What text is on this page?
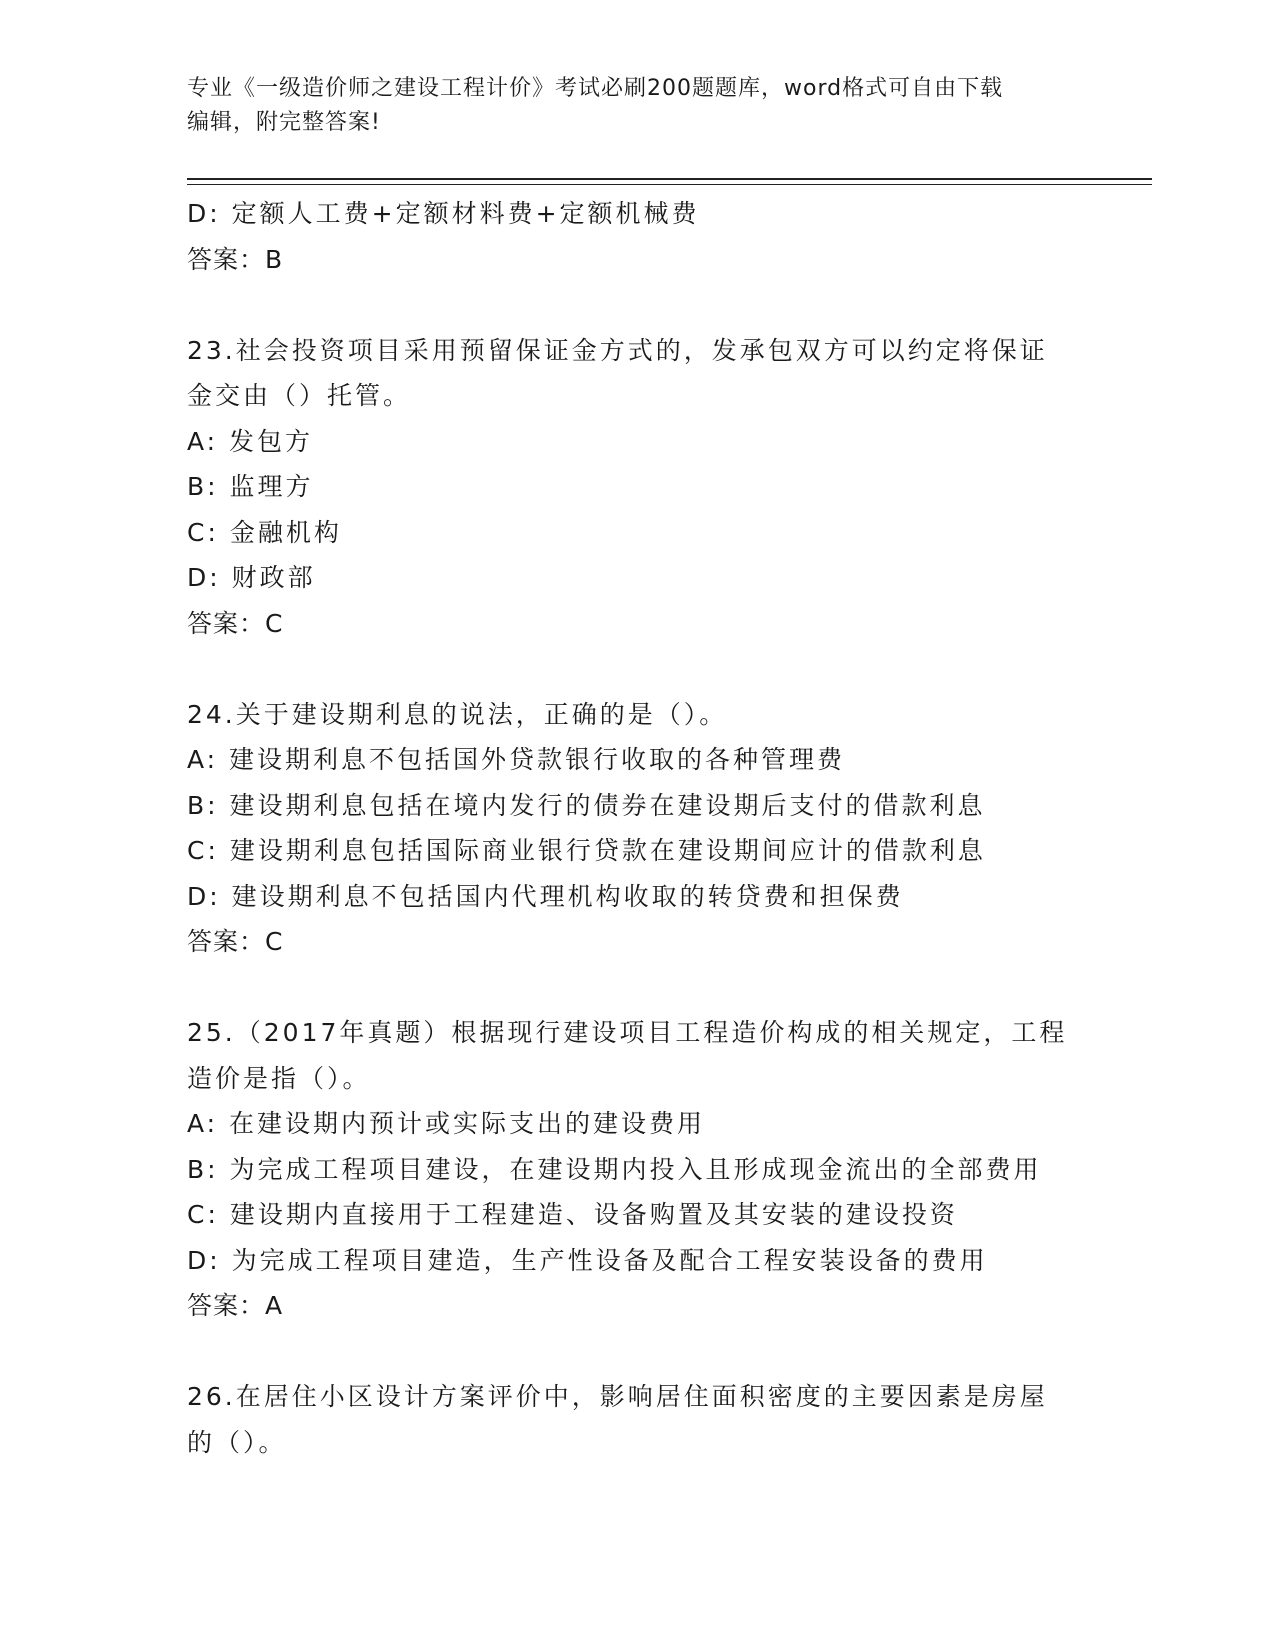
专业《一级造价师之建设工程计价》考试必刷200题题库，word格式可自由下载
编辑，附完整答案!
D: 定额人工费+定额材料费+定额机械费
答案：B
23.社会投资项目采用预留保证金方式的，发承包双方可以约定将保证
金交由（）托管。
A: 发包方
B: 监理方
C: 金融机构
D: 财政部
答案：C
24.关于建设期利息的说法，正确的是（）。
A: 建设期利息不包括国外贷款银行收取的各种管理费
B: 建设期利息包括在境内发行的债券在建设期后支付的借款利息
C: 建设期利息包括国际商业银行贷款在建设期间应计的借款利息
D: 建设期利息不包括国内代理机构收取的转贷费和担保费
答案：C
25.（2017年真题）根据现行建设项目工程造价构成的相关规定，工程
造价是指（）。
A: 在建设期内预计或实际支出的建设费用
B: 为完成工程项目建设，在建设期内投入且形成现金流出的全部费用
C: 建设期内直接用于工程建造、设备购置及其安装的建设投资
D: 为完成工程项目建造，生产性设备及配合工程安装设备的费用
答案：A
26.在居住小区设计方案评价中，影响居住面积密度的主要因素是房屋
的（）。
